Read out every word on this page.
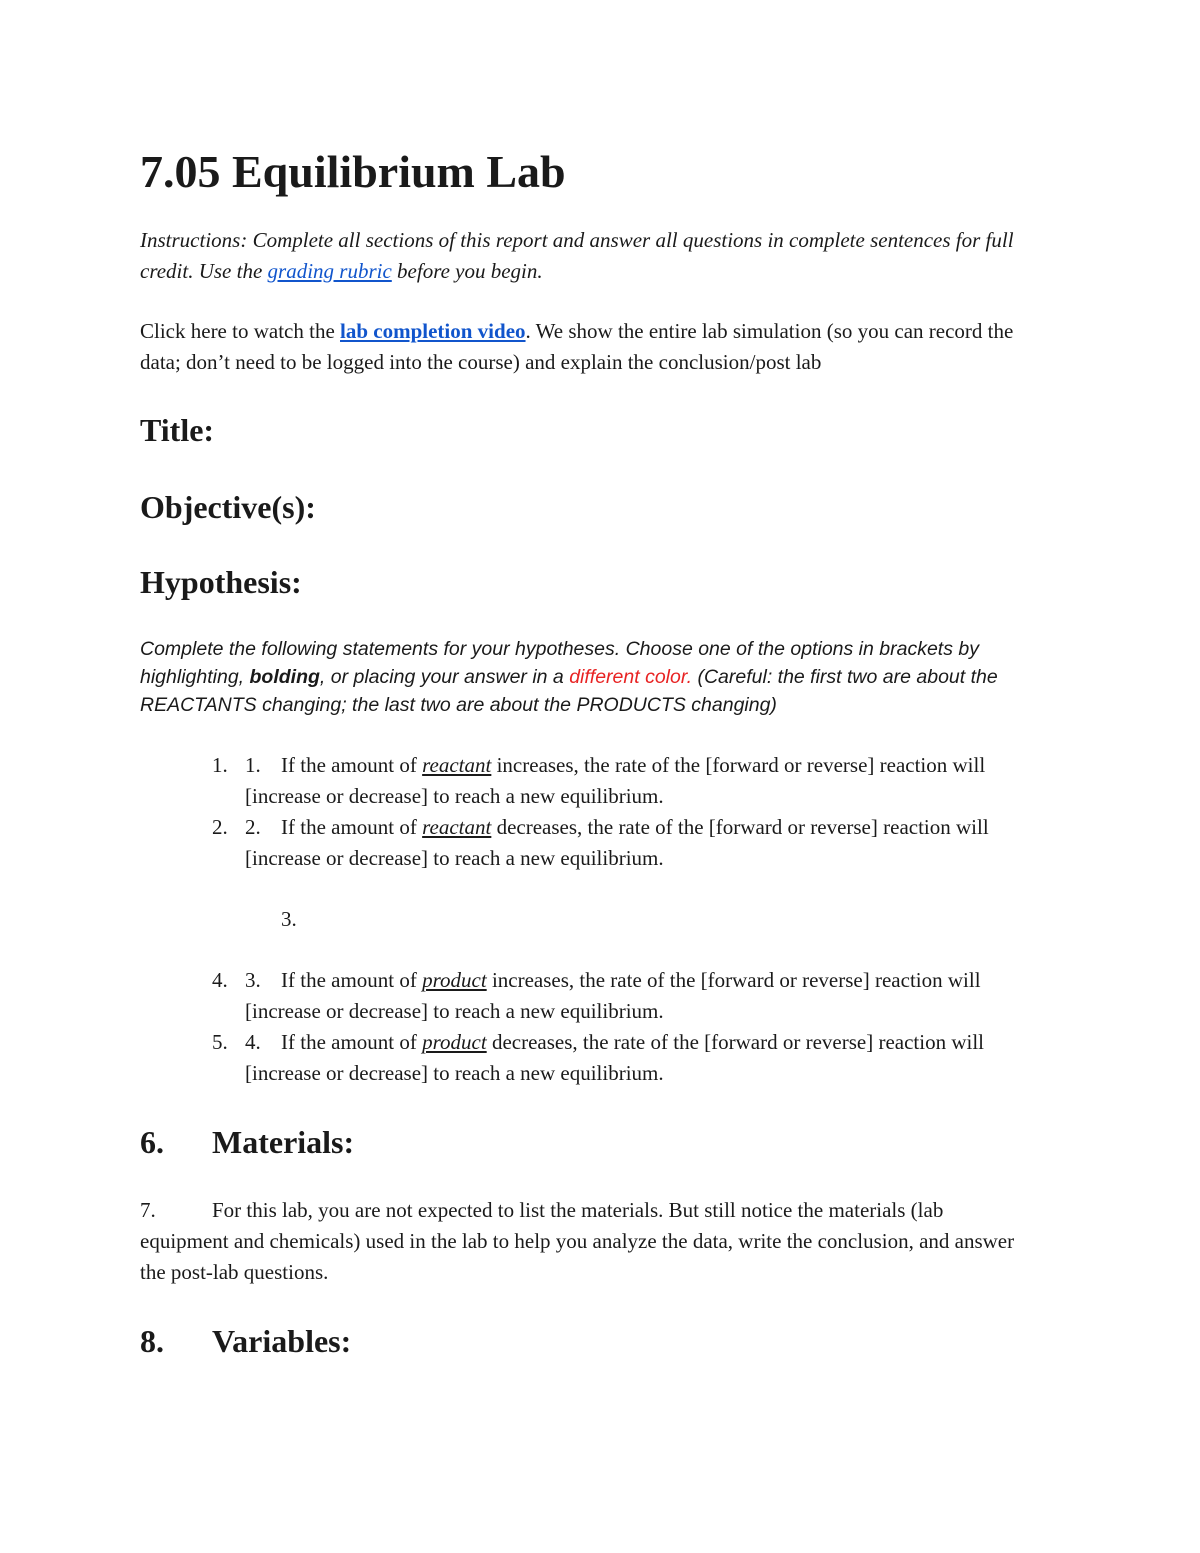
7.05 Equilibrium Lab

Instructions: Complete all sections of this report and answer all questions in complete sentences for full

credit. Use the grading rubric before you begin.

Click here to watch the lab completion video. We show the entire lab simulation (so you can record the

data; don’t need to be logged into the course) and explain the conclusion/post lab

Title:
Objective(s):
Hypothesis:

Complete the following statements for your hypotheses. Choose one of the options in brackets by

highlighting, bolding, or placing your answer in a different color. (Careful: the first two are about the

REACTANTS changing; the last two are about the PRODUCTS changing)

1. 1. If the amount of reactant increases, the rate of the [forward or reverse] reaction will

[increase or decrease] to reach a new equilibrium.

2. 2. If the amount of reactant decreases, the rate of the [forward or reverse] reaction will

[increase or decrease] to reach a new equilibrium.

3.
4. 3. If the amount of product increases, the rate of the [forward or reverse] reaction will

[increase or decrease] to reach a new equilibrium.

5. 4. If the amount of product decreases, the rate of the [forward or reverse] reaction will

[increase or decrease] to reach a new equilibrium.

6. Materials:
7.	For this lab, you are not expected to list the materials. But still notice the materials (lab

equipment and chemicals) used in the lab to help you analyze the data, write the conclusion, and answer

the post-lab questions.

8. Variables:
